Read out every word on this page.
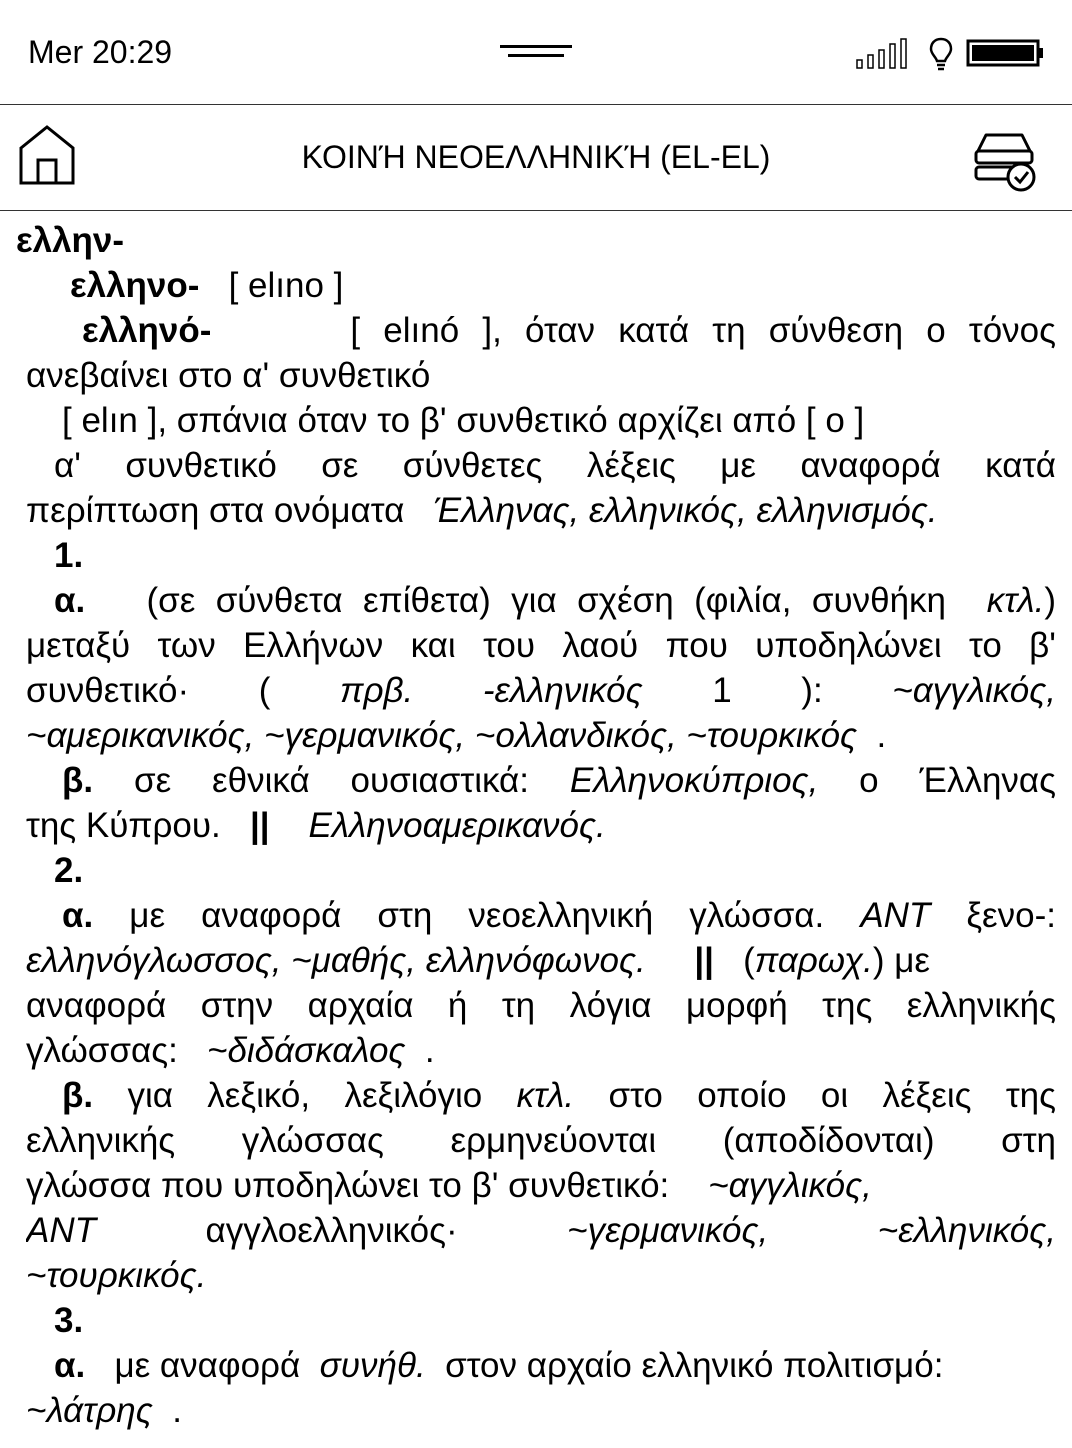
Mer 20:29
ΚΟΙΝΉ ΝΕΟΕΛΛΗΝΙΚΉ (EL-EL)
ελλην-
ελληνο- [ elıno ]
ελληνό-	[ elınó ], όταν κατά τη σύνθεση ο τόνος
ανεβαίνει στο α' συνθετικό
[ elın ], σπάνια όταν το β' συνθετικό αρχίζει από [ o ]
α' συνθετικό σε σύνθετες λέξεις με αναφορά κατά
περίπτωση στα ονόματα Έλληνας, ελληνικός, ελληνισμός.
1.
α. (σε σύνθετα επίθετα) για σχέση (φιλία, συνθήκη κτλ.)
μεταξύ των Ελλήνων και του λαού που υποδηλώνει το β'
συνθετικό· ( πρβ. -ελληνικός 1 ): ~αγγλικός,
~αμερικανικός, ~γερμανικός, ~ολλανδικός, ~τουρκικός .
β. σε εθνικά ουσιαστικά: Ελληνοκύπριος, ο Έλληνας
της Κύπρου. || Ελληνοαμερικανός.
2.
α. με αναφορά στη νεοελληνική γλώσσα. ANT ξενο-:
ελληνόγλωσσος, ~μαθής, ελληνόφωνος. || (παρωχ.) με
αναφορά στην αρχαία ή τη λόγια μορφή της ελληνικής
γλώσσας: ~διδάσκαλος .
β. για λεξικό, λεξιλόγιο κτλ. στο οποίο οι λέξεις της
ελληνικής γλώσσας ερμηνεύονται (αποδίδονται) στη
γλώσσα που υποδηλώνει το β' συνθετικό: ~αγγλικός,
ANT	αγγλοελληνικός·	~γερμανικός,	~ελληνικός,
~τουρκικός.
3.
α. με αναφορά συνήθ. στον αρχαίο ελληνικό πολιτισμό:
~λάτρης .
